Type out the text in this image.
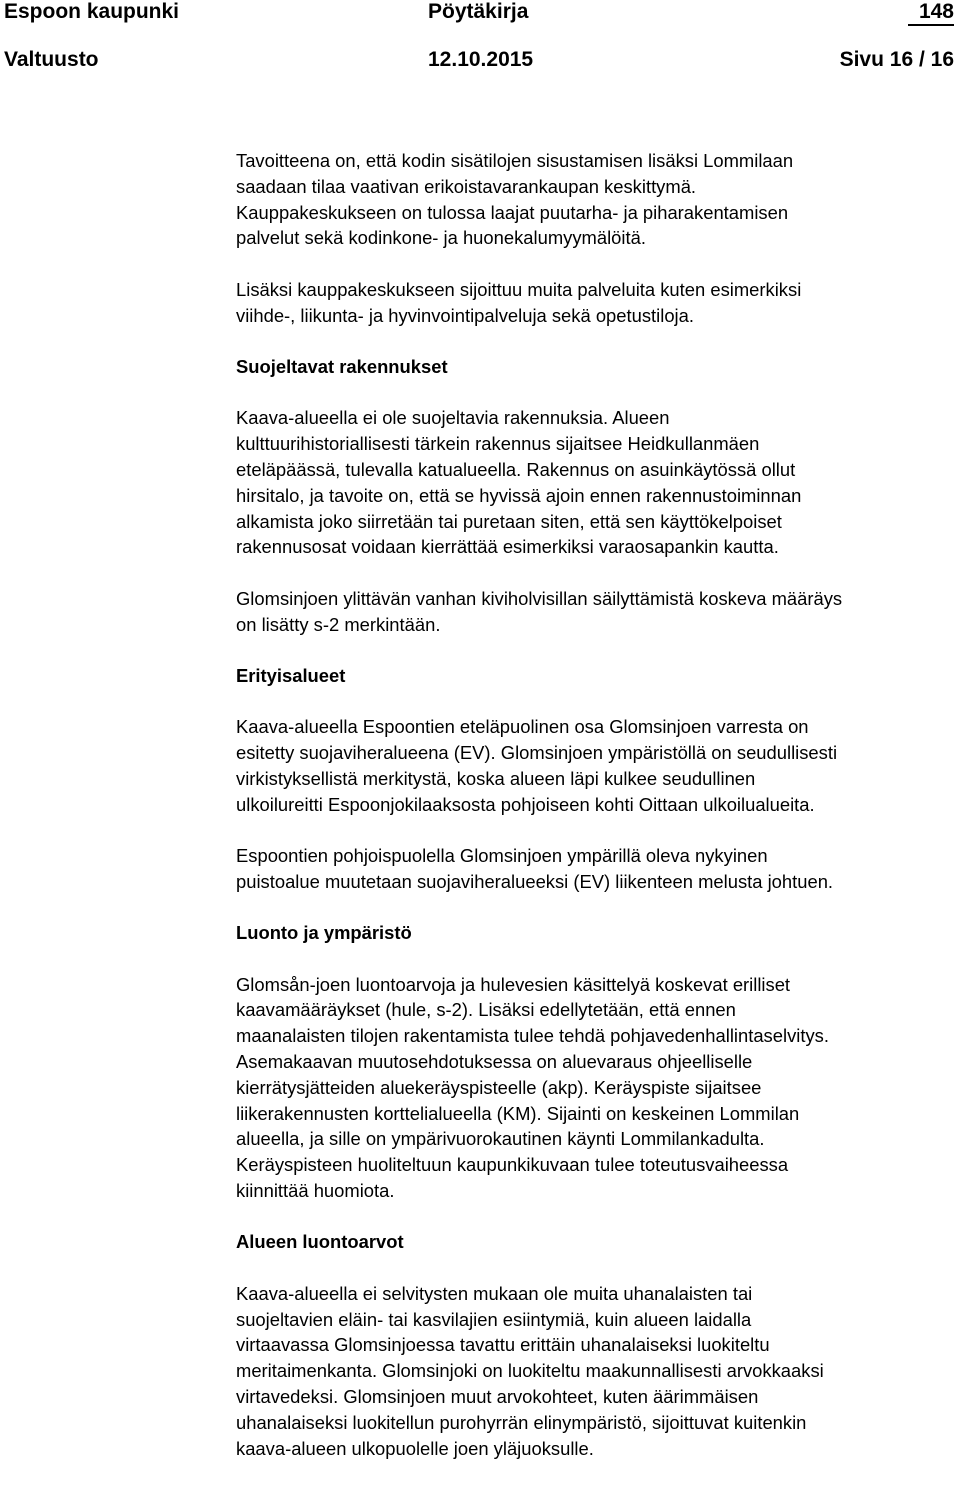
Espoon kaupunki	Pöytäkirja	148
Valtuusto	12.10.2015	Sivu 16 / 16

Tavoitteena on, että kodin sisätilojen sisustamisen lisäksi Lommilaan
saadaan tilaa vaativan erikoistavarankaupan keskittymä.
Kauppakeskukseen on tulossa laajat puutarha- ja piharakentamisen
palvelut sekä kodinkone- ja huonekalumyymälöitä.

Lisäksi kauppakeskukseen sijoittuu muita palveluita kuten esimerkiksi
viihde-, liikunta- ja hyvinvointipalveluja sekä opetustiloja.

Suojeltavat rakennukset

Kaava-alueella ei ole suojeltavia rakennuksia. Alueen
kulttuurihistoriallisesti tärkein rakennus sijaitsee Heidkullanmäen
eteläpäässä, tulevalla katualueella. Rakennus on asuinkäytössä ollut
hirsitalo, ja tavoite on, että se hyvissä ajoin ennen rakennustoiminnan
alkamista joko siirretään tai puretaan siten, että sen käyttökelpoiset
rakennusosat voidaan kierrättää esimerkiksi varaosapankin kautta.

Glomsinjoen ylittävän vanhan kiviholvisillan säilyttämistä koskeva määräys
on lisätty s-2 merkintään.

Erityisalueet

Kaava-alueella Espoontien eteläpuolinen osa Glomsinjoen varresta on
esitetty suojaviheralueena (EV). Glomsinjoen ympäristöllä on seudullisesti
virkistyksellistä merkitystä, koska alueen läpi kulkee seudullinen
ulkoilureitti Espoonjokilaaksosta pohjoiseen kohti Oittaan ulkoilualueita.

Espoontien pohjoispuolella Glomsinjoen ympärillä oleva nykyinen
puistoalue muutetaan suojaviheralueeksi (EV) liikenteen melusta johtuen.

Luonto ja ympäristö

Glomsån-joen luontoarvoja ja hulevesien käsittelyä koskevat erilliset
kaavamääräykset (hule, s-2). Lisäksi edellytetään, että ennen
maanalaisten tilojen rakentamista tulee tehdä pohjavedenhallintaselvitys.
Asemakaavan muutosehdotuksessa on aluevaraus ohjeelliselle
kierrätysjätteiden aluekeräyspisteelle (akp). Keräyspiste sijaitsee
liikerakennusten korttelialueella (KM). Sijainti on keskeinen Lommilan
alueella, ja sille on ympärivuorokautinen käynti Lommilankadulta.
Keräyspisteen huoliteltuun kaupunkikuvaan tulee toteutusvaiheessa
kiinnittää huomiota.

Alueen luontoarvot

Kaava-alueella ei selvitysten mukaan ole muita uhanalaisten tai
suojeltavien eläin- tai kasvilajien esiintymiä, kuin alueen laidalla
virtaavassa Glomsinjoessa tavattu erittäin uhanalaiseksi luokiteltu
meritaimenkanta. Glomsinjoki on luokiteltu maakunnallisesti arvokkaaksi
virtavedeksi. Glomsinjoen muut arvokohteet, kuten äärimmäisen
uhanalaiseksi luokitellun purohyrrän elinympäristö, sijoittuvat kuitenkin
kaava-alueen ulkopuolelle joen yläjuoksulle.
